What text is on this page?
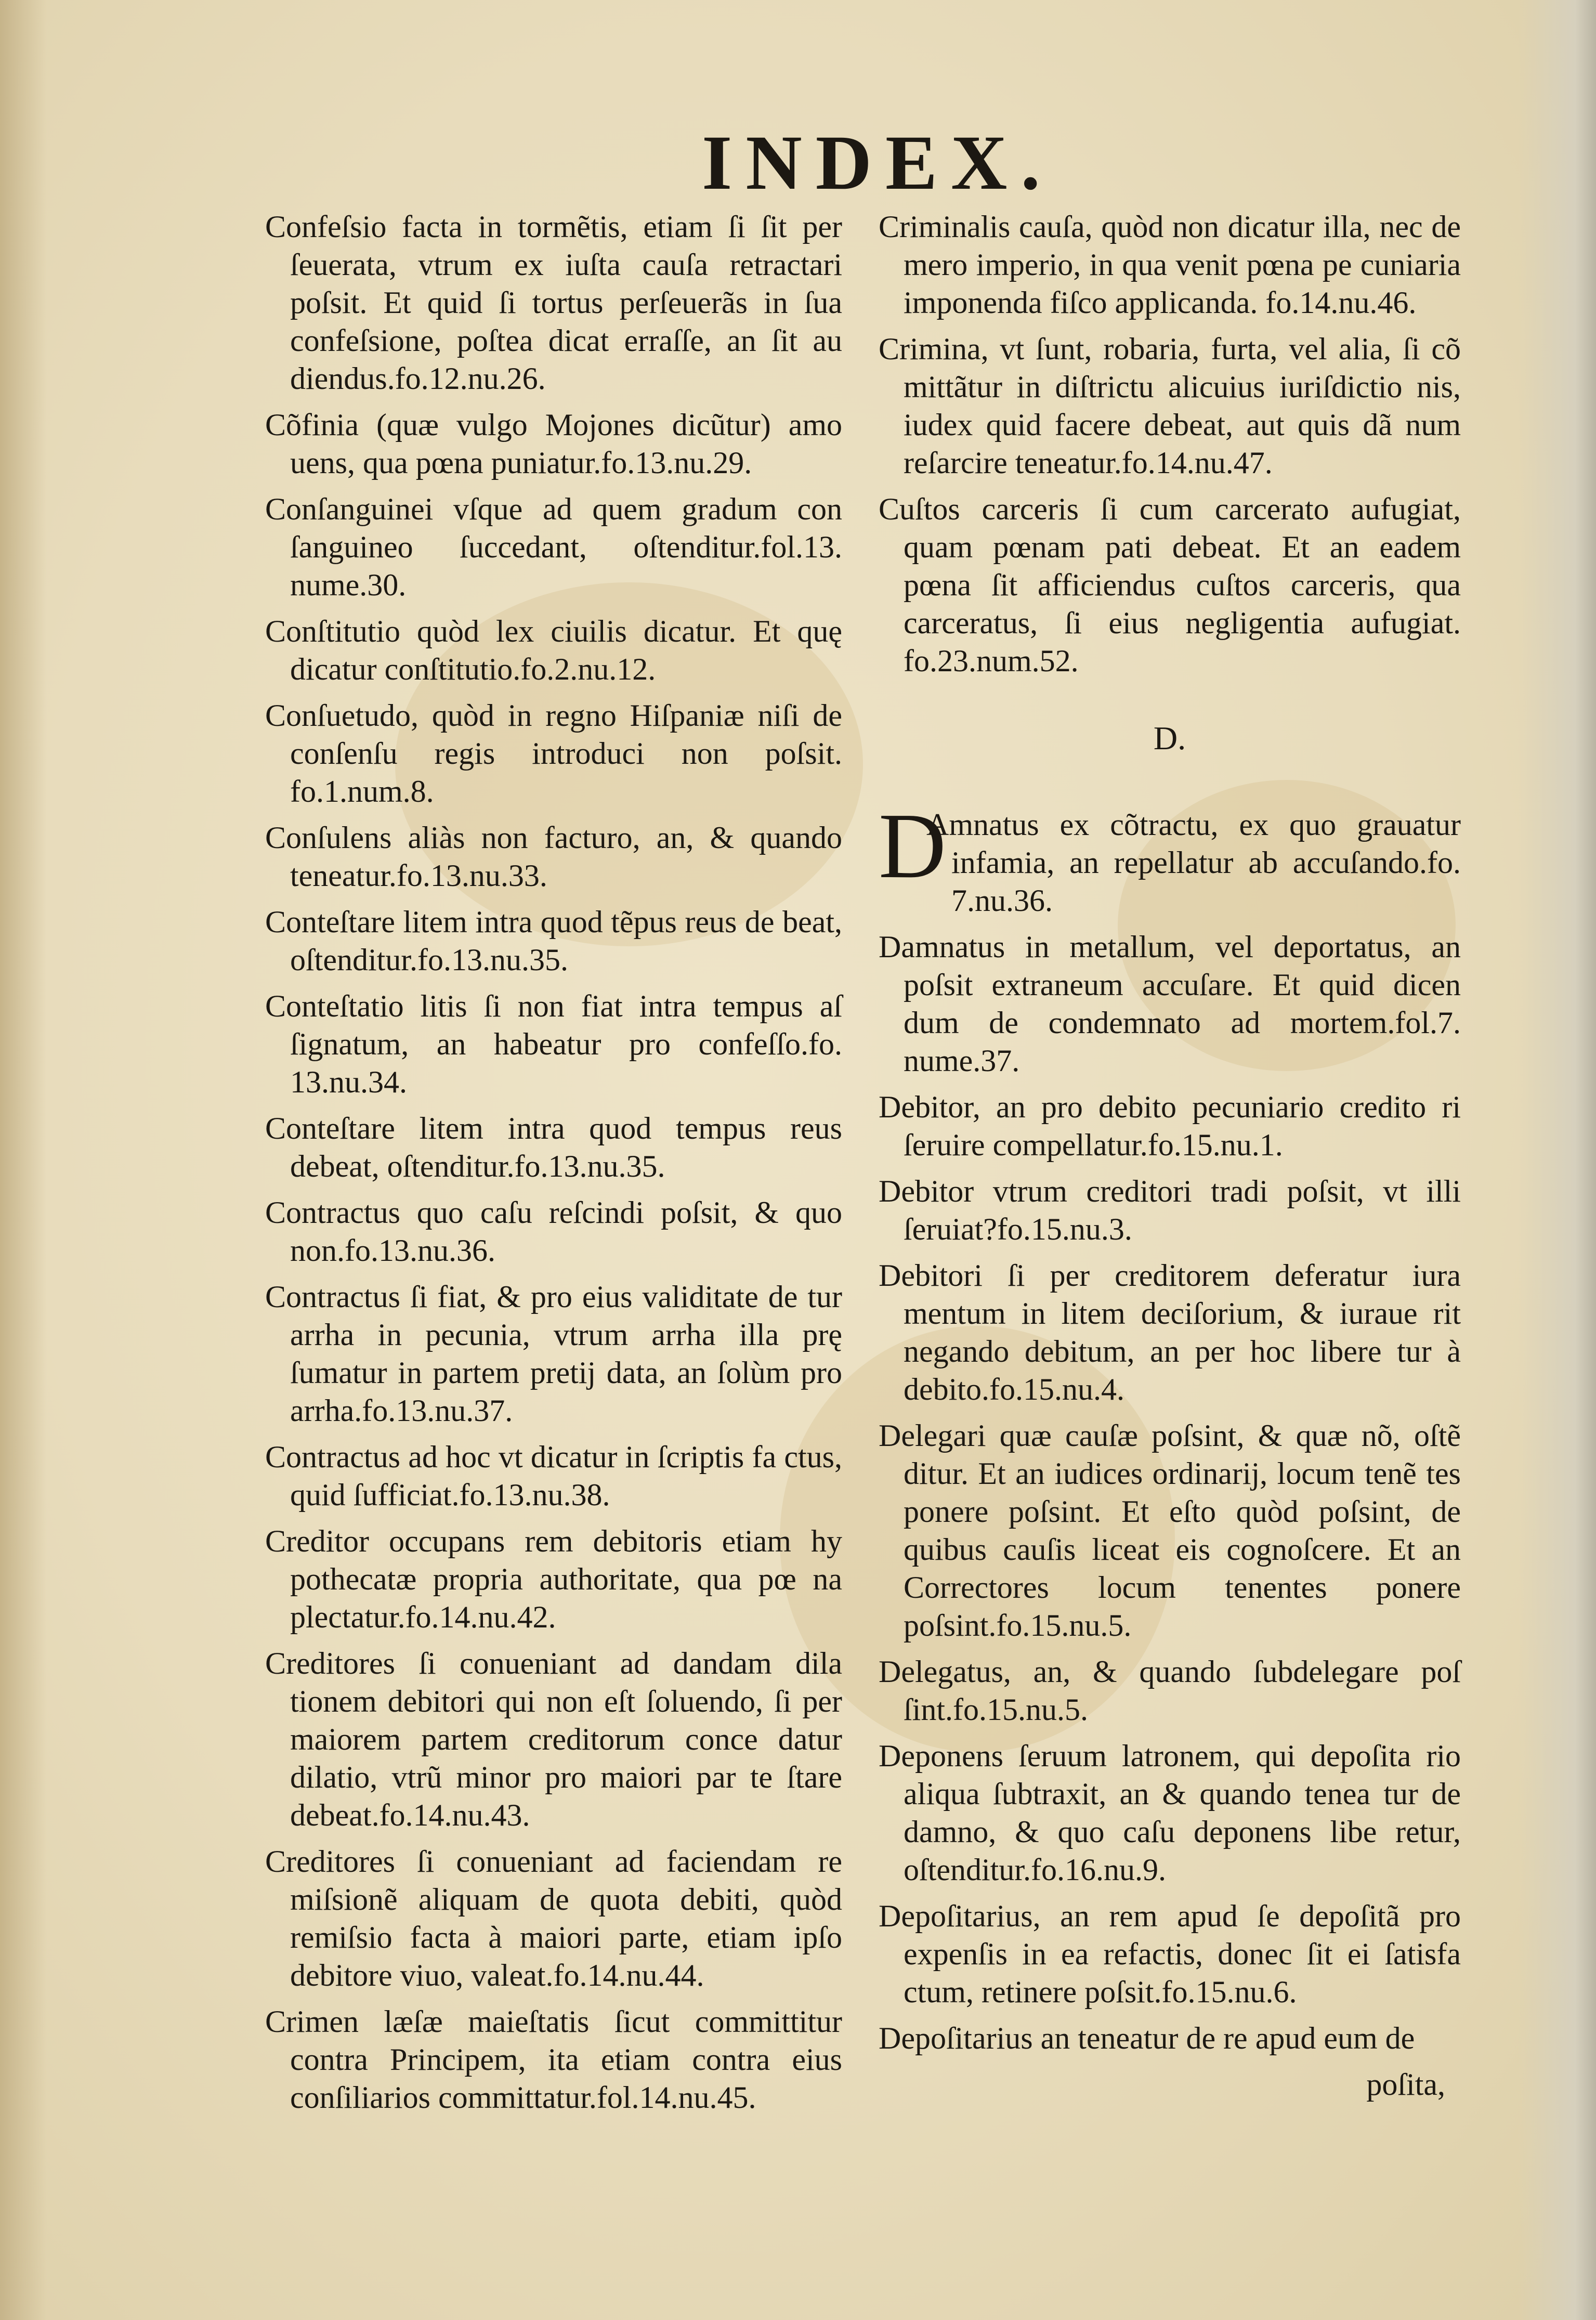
INDEX.
Confeſsio facta in tormẽtis, etiam ſi ſit per ſeuerata, vtrum ex iuſta cauſa retractari poſsit. Et quid ſi tortus perſeuerãs in ſua confeſsione, poſtea dicat erraſſe, an ſit au diendus.fo.12.nu.26.
Cõfinia (quæ vulgo Mojones dicũtur) amo uens, qua pœna puniatur.fo.13.nu.29.
Conſanguinei vſque ad quem gradum con ſanguineo ſuccedant, oſtenditur.fol.13. nume.30.
Conſtitutio quòd lex ciuilis dicatur. Et quę dicatur conſtitutio.fo.2.nu.12.
Conſuetudo, quòd in regno Hiſpaniæ niſi de conſenſu regis introduci non poſsit. fo.1.num.8.
Conſulens aliàs non facturo, an, & quando teneatur.fo.13.nu.33.
Conteſtare litem intra quod tẽpus reus de beat, oſtenditur.fo.13.nu.35.
Conteſtatio litis ſi non fiat intra tempus aſ ſignatum, an habeatur pro confeſſo.fo. 13.nu.34.
Conteſtare litem intra quod tempus reus debeat, oſtenditur.fo.13.nu.35.
Contractus quo caſu reſcindi poſsit, & quo non.fo.13.nu.36.
Contractus ſi fiat, & pro eius validitate de tur arrha in pecunia, vtrum arrha illa prę ſumatur in partem pretij data, an ſolùm pro arrha.fo.13.nu.37.
Contractus ad hoc vt dicatur in ſcriptis fa ctus, quid ſufficiat.fo.13.nu.38.
Creditor occupans rem debitoris etiam hy pothecatæ propria authoritate, qua pœ na plectatur.fo.14.nu.42.
Creditores ſi conueniant ad dandam dila tionem debitori qui non eſt ſoluendo, ſi per maiorem partem creditorum conce datur dilatio, vtrũ minor pro maiori par te ſtare debeat.fo.14.nu.43.
Creditores ſi conueniant ad faciendam re miſsionẽ aliquam de quota debiti, quòd remiſsio facta à maiori parte, etiam ipſo debitore viuo, valeat.fo.14.nu.44.
Crimen læſæ maieſtatis ſicut committitur contra Principem, ita etiam contra eius conſiliarios committatur.fol.14.nu.45.
Criminalis cauſa, quòd non dicatur illa, nec de mero imperio, in qua venit pœna pe cuniaria imponenda fiſco applicanda. fo.14.nu.46.
Crimina, vt ſunt, robaria, furta, vel alia, ſi cõ mittãtur in diſtrictu alicuius iuriſdictio nis, iudex quid facere debeat, aut quis dã num reſarcire teneatur.fo.14.nu.47.
Cuſtos carceris ſi cum carcerato aufugiat, quam pœnam pati debeat. Et an eadem pœna ſit afficiendus cuſtos carceris, qua carceratus, ſi eius negligentia aufugiat. fo.23.num.52.
D.
D
Amnatus ex cõtractu, ex quo grauatur infamia, an repellatur ab accuſando.fo. 7.nu.36.
Damnatus in metallum, vel deportatus, an poſsit extraneum accuſare. Et quid dicen dum de condemnato ad mortem.fol.7. nume.37.
Debitor, an pro debito pecuniario credito ri ſeruire compellatur.fo.15.nu.1.
Debitor vtrum creditori tradi poſsit, vt illi ſeruiat?fo.15.nu.3.
Debitori ſi per creditorem deferatur iura mentum in litem deciſorium, & iuraue rit negando debitum, an per hoc libere tur à debito.fo.15.nu.4.
Delegari quæ cauſæ poſsint, & quæ nõ, oſtẽ ditur. Et an iudices ordinarij, locum tenẽ tes ponere poſsint. Et eſto quòd poſsint, de quibus cauſis liceat eis cognoſcere. Et an Correctores locum tenentes ponere poſsint.fo.15.nu.5.
Delegatus, an, & quando ſubdelegare poſ ſint.fo.15.nu.5.
Deponens ſeruum latronem, qui depoſita rio aliqua ſubtraxit, an & quando tenea tur de damno, & quo caſu deponens libe retur, oſtenditur.fo.16.nu.9.
Depoſitarius, an rem apud ſe depoſitã pro expenſis in ea refactis, donec ſit ei ſatisfa ctum, retinere poſsit.fo.15.nu.6.
Depoſitarius an teneatur de re apud eum de
poſita,
